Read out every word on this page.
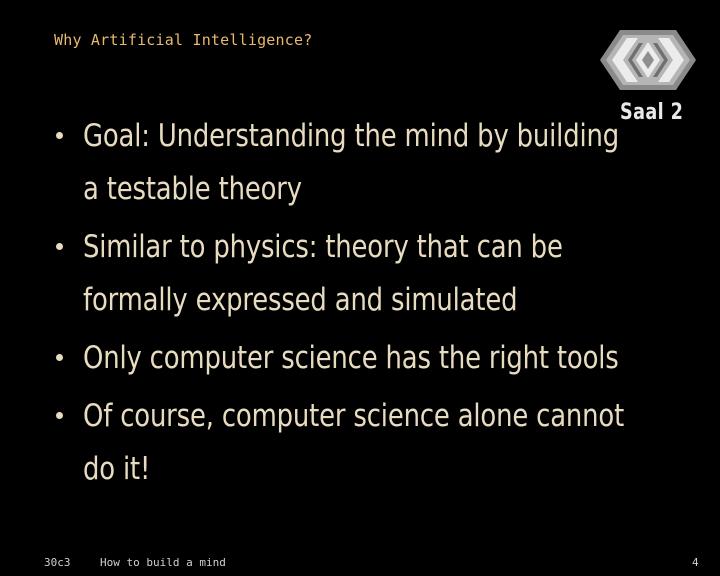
Why Artificial Intelligence?
Saal 2
Goal: Understanding the mind by building a testable theory
Similar to physics: theory that can be formally expressed and simulated
Only computer science has the right tools
Of course, computer science alone cannot do it!
30c3	How to build a mind	4
